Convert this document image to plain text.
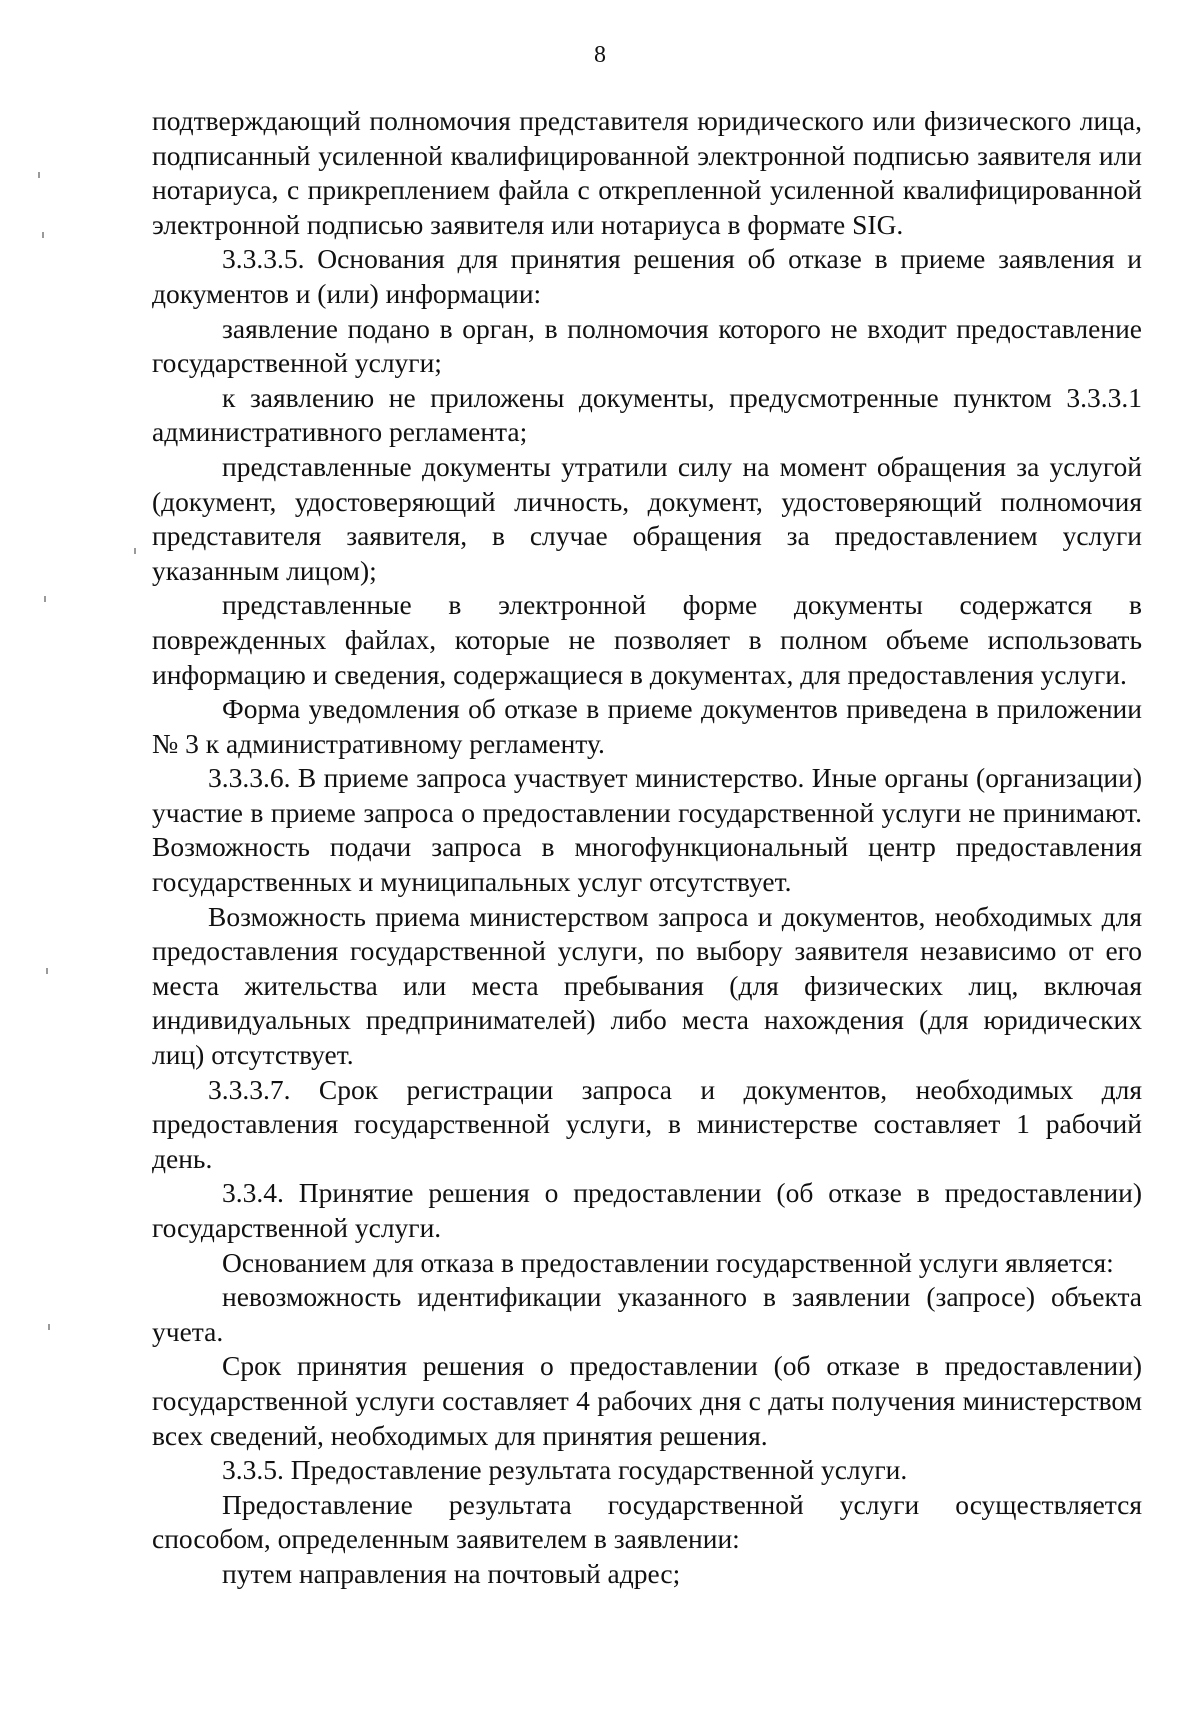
8

подтверждающий полномочия представителя юридического или физического лица, подписанный усиленной квалифицированной электронной подписью заявителя или нотариуса, с прикреплением файла с открепленной усиленной квалифицированной электронной подписью заявителя или нотариуса в формате SIG.

3.3.3.5. Основания для принятия решения об отказе в приеме заявления и документов и (или) информации:

заявление подано в орган, в полномочия которого не входит предоставление государственной услуги;

к заявлению не приложены документы, предусмотренные пунктом 3.3.3.1 административного регламента;

представленные документы утратили силу на момент обращения за услугой (документ, удостоверяющий личность, документ, удостоверяющий полномочия представителя заявителя, в случае обращения за предоставлением услуги указанным лицом);

представленные в электронной форме документы содержатся в поврежденных файлах, которые не позволяет в полном объеме использовать информацию и сведения, содержащиеся в документах, для предоставления услуги.

Форма уведомления об отказе в приеме документов приведена в приложении № 3 к административному регламенту.

3.3.3.6. В приеме запроса участвует министерство. Иные органы (организации) участие в приеме запроса о предоставлении государственной услуги не принимают. Возможность подачи запроса в многофункциональный центр предоставления государственных и муниципальных услуг отсутствует.

Возможность приема министерством запроса и документов, необходимых для предоставления государственной услуги, по выбору заявителя независимо от его места жительства или места пребывания (для физических лиц, включая индивидуальных предпринимателей) либо места нахождения (для юридических лиц) отсутствует.

3.3.3.7. Срок регистрации запроса и документов, необходимых для предоставления государственной услуги, в министерстве составляет 1 рабочий день.

3.3.4. Принятие решения о предоставлении (об отказе в предоставлении) государственной услуги.

Основанием для отказа в предоставлении государственной услуги является:

невозможность идентификации указанного в заявлении (запросе) объекта учета.

Срок принятия решения о предоставлении (об отказе в предоставлении) государственной услуги составляет 4 рабочих дня с даты получения министерством всех сведений, необходимых для принятия решения.

3.3.5. Предоставление результата государственной услуги.

Предоставление результата государственной услуги осуществляется способом, определенным заявителем в заявлении:

путем направления на почтовый адрес;
